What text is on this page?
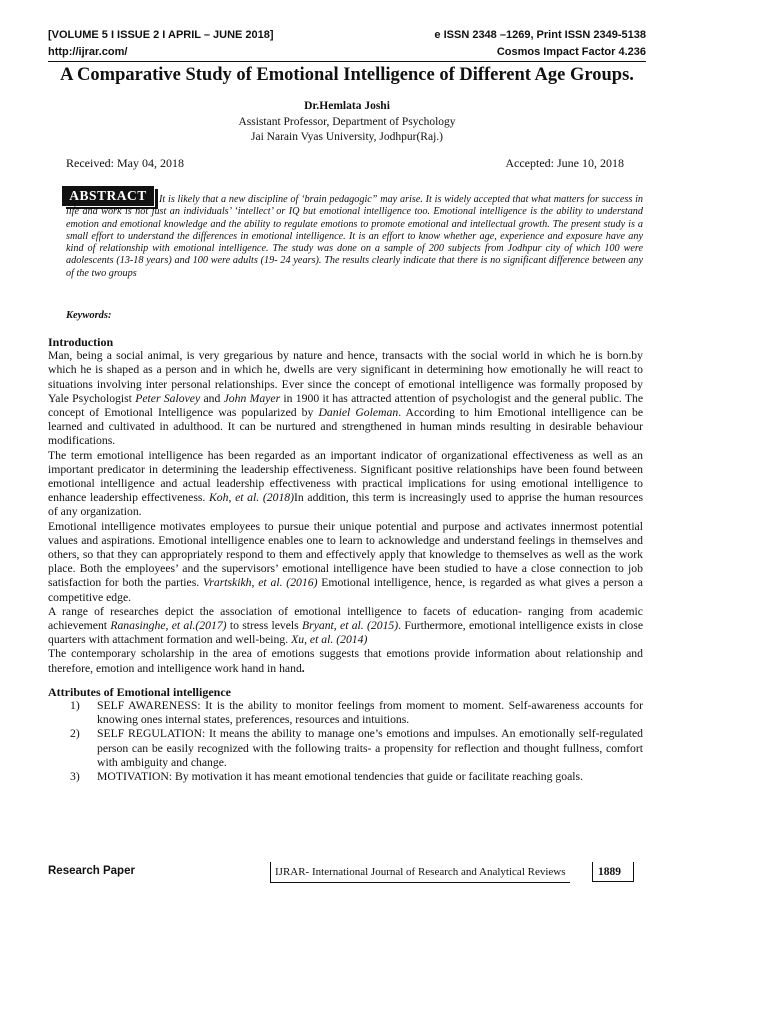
[VOLUME 5 I ISSUE 2 I APRIL – JUNE 2018]
http://ijrar.com/
e ISSN 2348 –1269, Print ISSN 2349-5138
Cosmos Impact Factor 4.236
A Comparative Study of Emotional Intelligence of Different Age Groups.
Dr.Hemlata Joshi
Assistant Professor, Department of Psychology
Jai Narain Vyas University, Jodhpur(Raj.)
Received: May 04, 2018	Accepted: June 10, 2018
ABSTRACT	It is likely that a new discipline of ‘brain pedagogic” may arise. It is widely accepted that what matters for success in life and work is not just an individuals’ ‘intellect’ or IQ but emotional intelligence too. Emotional intelligence is the ability to understand emotion and emotional knowledge and the ability to regulate emotions to promote emotional and intellectual growth. The present study is a small effort to understand the differences in emotional intelligence. It is an effort to know whether age, experience and exposure have any kind of relationship with emotional intelligence. The study was done on a sample of 200 subjects from Jodhpur city of which 100 were adolescents (13-18 years) and 100 were adults (19- 24 years). The results clearly indicate that there is no significant difference between any of the two groups
Keywords:
Introduction

Man, being a social animal, is very gregarious by nature and hence, transacts with the social world in which he is born.by which he is shaped as a person and in which he, dwells are very significant in determining how emotionally he will react to situations involving inter personal relationships. Ever since the concept of emotional intelligence was formally proposed by Yale Psychologist Peter Salovey and John Mayer in 1900 it has attracted attention of psychologist and the general public. The concept of Emotional Intelligence was popularized by Daniel Goleman. According to him Emotional intelligence can be learned and cultivated in adulthood. It can be nurtured and strengthened in human minds resulting in desirable behaviour modifications.

The term emotional intelligence has been regarded as an important indicator of organizational effectiveness as well as an important predicator in determining the leadership effectiveness. Significant positive relationships have been found between emotional intelligence and actual leadership effectiveness with practical implications for using emotional intelligence to enhance leadership effectiveness. Koh, et al. (2018)In addition, this term is increasingly used to apprise the human resources of any organization.

Emotional intelligence motivates employees to pursue their unique potential and purpose and activates innermost potential values and aspirations. Emotional intelligence enables one to learn to acknowledge and understand feelings in themselves and others, so that they can appropriately respond to them and effectively apply that knowledge to themselves as well as the work place. Both the employees’ and the supervisors’ emotional intelligence have been studied to have a close connection to job satisfaction for both the parties. Vrartskikh, et al. (2016) Emotional intelligence, hence, is regarded as what gives a person a competitive edge.

A range of researches depict the association of emotional intelligence to facets of education- ranging from academic achievement Ranasinghe, et al.(2017) to stress levels Bryant, et al. (2015). Furthermore, emotional intelligence exists in close quarters with attachment formation and well-being. Xu, et al. (2014)

The contemporary scholarship in the area of emotions suggests that emotions provide information about relationship and therefore, emotion and intelligence work hand in hand.

Attributes of Emotional intelligence
1) SELF AWARENESS: It is the ability to monitor feelings from moment to moment. Self-awareness accounts for knowing ones internal states, preferences, resources and intuitions.
2) SELF REGULATION: It means the ability to manage one’s emotions and impulses. An emotionally self-regulated person can be easily recognized with the following traits- a propensity for reflection and thought fullness, comfort with ambiguity and change.
3) MOTIVATION: By motivation it has meant emotional tendencies that guide or facilitate reaching goals.
Research Paper	IJRAR- International Journal of Research and Analytical Reviews	1889
